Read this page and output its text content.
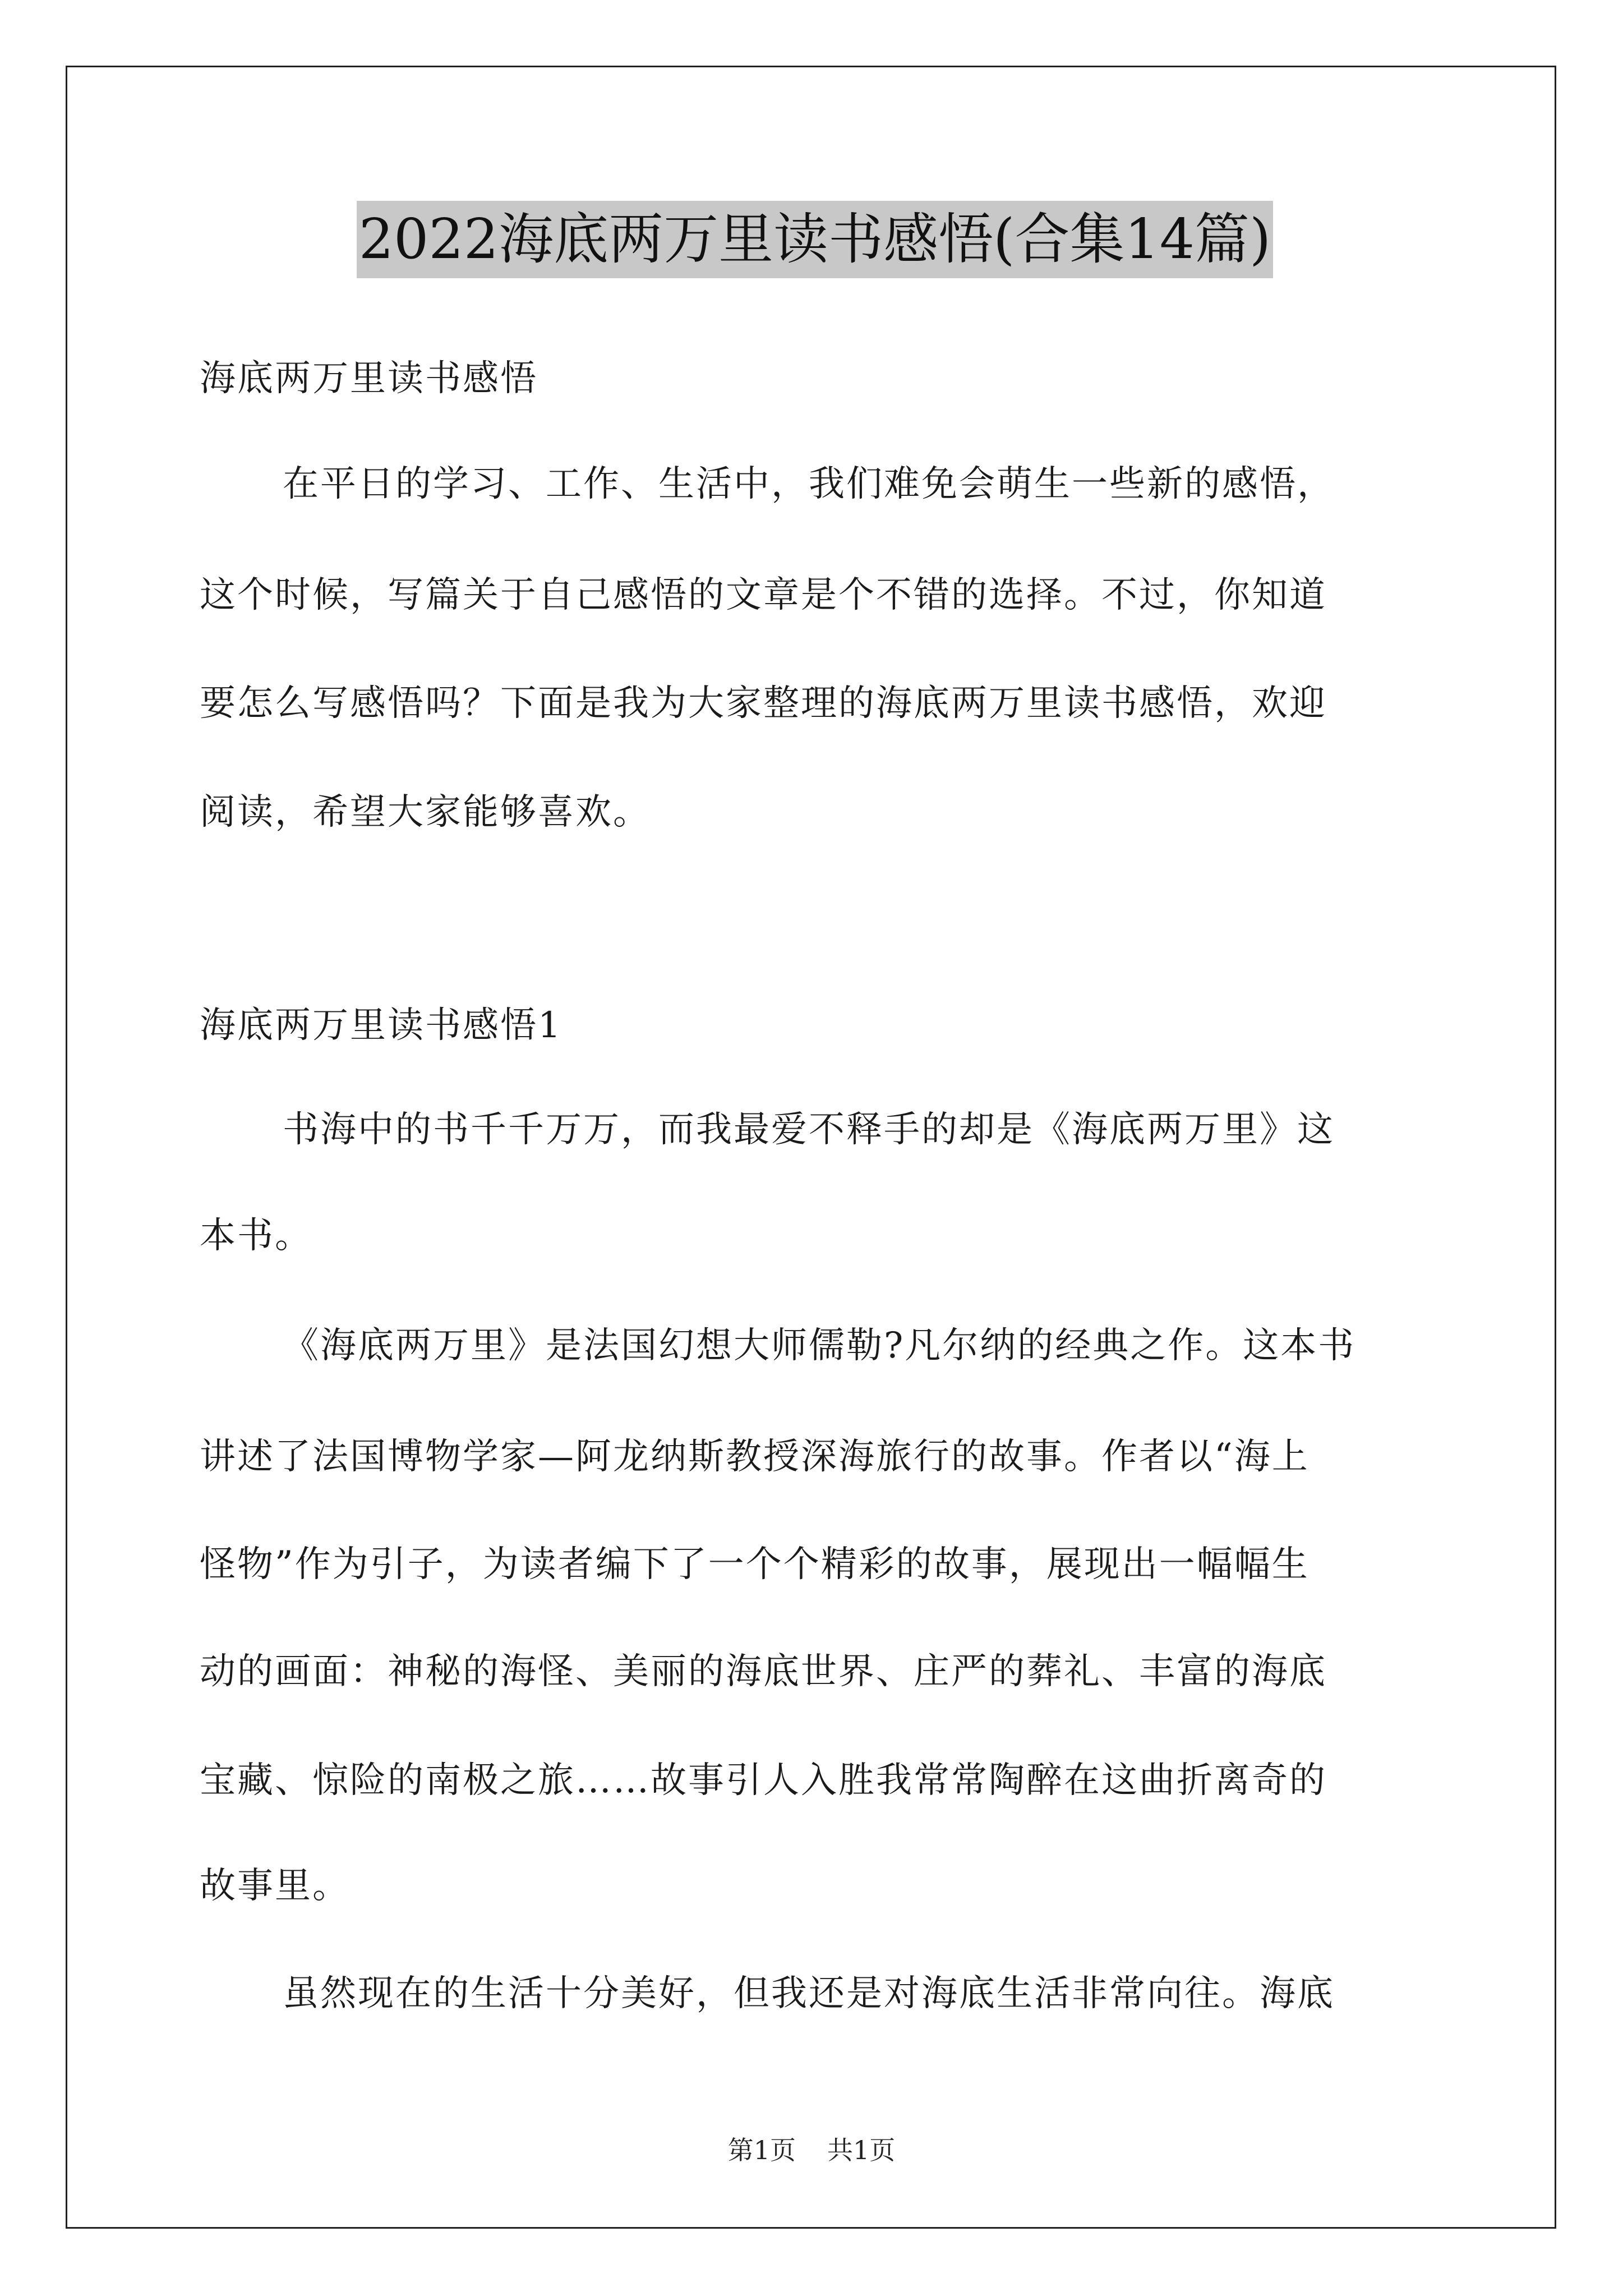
2022海底两万里读书感悟(合集14篇)
海底两万里读书感悟
在平日的学习、工作、生活中，我们难免会萌生一些新的感悟，
这个时候，写篇关于自己感悟的文章是个不错的选择。不过，你知道
要怎么写感悟吗？下面是我为大家整理的海底两万里读书感悟，欢迎
阅读，希望大家能够喜欢。
海底两万里读书感悟1
书海中的书千千万万，而我最爱不释手的却是《海底两万里》这
本书。
《海底两万里》是法国幻想大师儒勒?凡尔纳的经典之作。这本书
讲述了法国博物学家—阿龙纳斯教授深海旅行的故事。作者以“海上
怪物”作为引子，为读者编下了一个个精彩的故事，展现出一幅幅生
动的画面：神秘的海怪、美丽的海底世界、庄严的葬礼、丰富的海底
宝藏、惊险的南极之旅……故事引人入胜我常常陶醉在这曲折离奇的
故事里。
虽然现在的生活十分美好，但我还是对海底生活非常向往。海底
第1页 共1页
